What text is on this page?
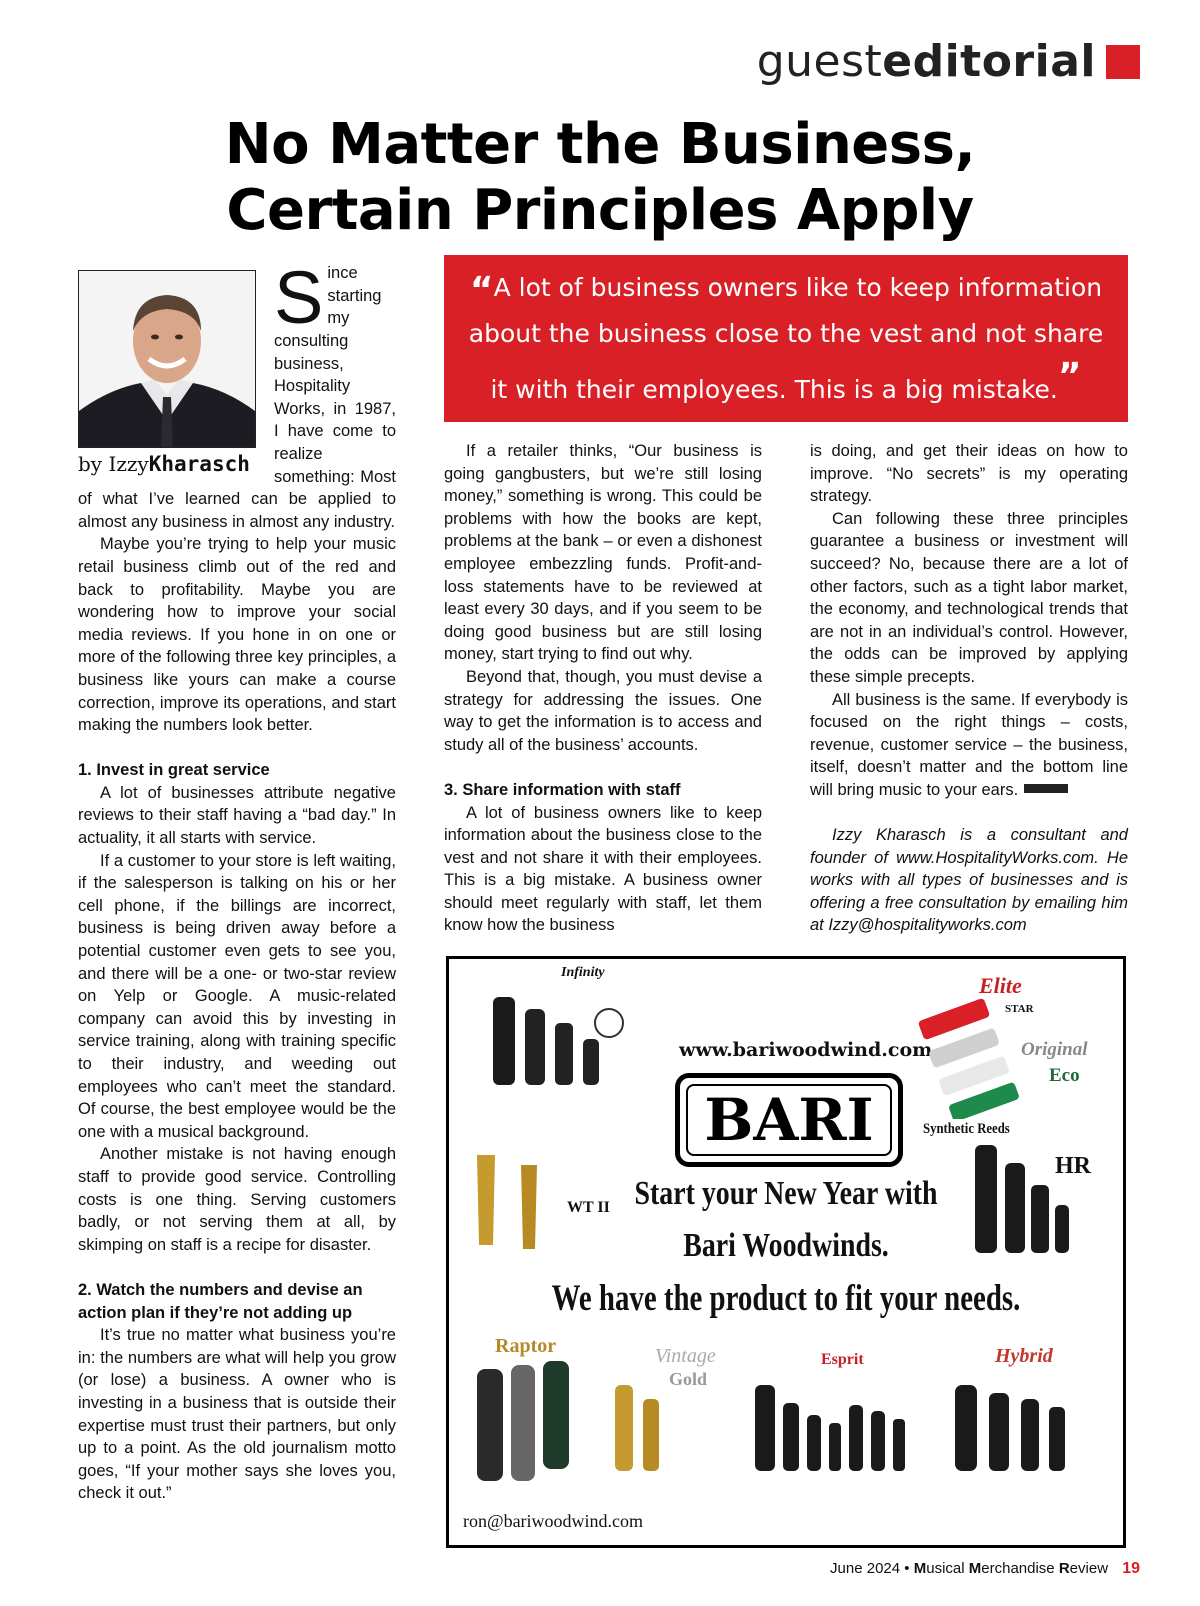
guest editorial
No Matter the Business,
Certain Principles Apply
by IzzyKharasch

Since starting my consulting business, Hospitality Works, in 1987, I have come to realize something: Most of what I’ve learned can be applied to almost any business in almost any industry.

Maybe you’re trying to help your music retail business climb out of the red and back to profitability. Maybe you are wondering how to improve your social media reviews. If you hone in on one or more of the following three key principles, a business like yours can make a course correction, improve its operations, and start making the numbers look better.

1. Invest in great service

A lot of businesses attribute negative reviews to their staff having a “bad day.” In actuality, it all starts with service.

If a customer to your store is left waiting, if the salesperson is talking on his or her cell phone, if the billings are incorrect, business is being driven away before a potential customer even gets to see you, and there will be a one- or two-star review on Yelp or Google. A music-related company can avoid this by investing in service training, along with training specific to their industry, and weeding out employees who can’t meet the standard. Of course, the best employee would be the one with a musical background.

Another mistake is not having enough staff to provide good service. Controlling costs is one thing. Serving customers badly, or not serving them at all, by skimping on staff is a recipe for disaster.

2. Watch the numbers and devise an action plan if they’re not adding up

It’s true no matter what business you’re in: the numbers are what will help you grow (or lose) a business. A owner who is investing in a business that is outside their expertise must trust their partners, but only up to a point. As the old journalism motto goes, “If your mother says she loves you, check it out.”

“A lot of business owners like to keep information about the business close to the vest and not share it with their employees. This is a big mistake.”

If a retailer thinks, “Our business is going gangbusters, but we’re still losing money,” something is wrong. This could be problems with how the books are kept, problems at the bank – or even a dishonest employee embezzling funds. Profit-and-loss statements have to be reviewed at least every 30 days, and if you seem to be doing good business but are still losing money, start trying to find out why.

Beyond that, though, you must devise a strategy for addressing the issues. One way to get the information is to access and study all of the business’ accounts.

3. Share information with staff

A lot of business owners like to keep information about the business close to the vest and not share it with their employees. This is a big mistake. A business owner should meet regularly with staff, let them know how the business

is doing, and get their ideas on how to improve. “No secrets” is my operating strategy.

Can following these three principles guarantee a business or investment will succeed? No, because there are a lot of other factors, such as a tight labor market, the economy, and technological trends that are not in an individual’s control. However, the odds can be improved by applying these simple precepts.

All business is the same. If everybody is focused on the right things – costs, revenue, customer service – the business, itself, doesn’t matter and the bottom line will bring music to your ears.

Izzy Kharasch is a consultant and founder of www.HospitalityWorks.com. He works with all types of businesses and is offering a free consultation by emailing him at Izzy@hospitalityworks.com

Infinity
www.bariwoodwind.com
BARI
Elite
STAR
Original
Eco
Synthetic Reeds
WT II
HR
Start your New Year with
Bari Woodwinds.
We have the product to fit your needs.
Raptor	Vintage
Gold
Esprit	Hybrid
ron@bariwoodwind.com
June 2024 • Musical Merchandise Review 19
